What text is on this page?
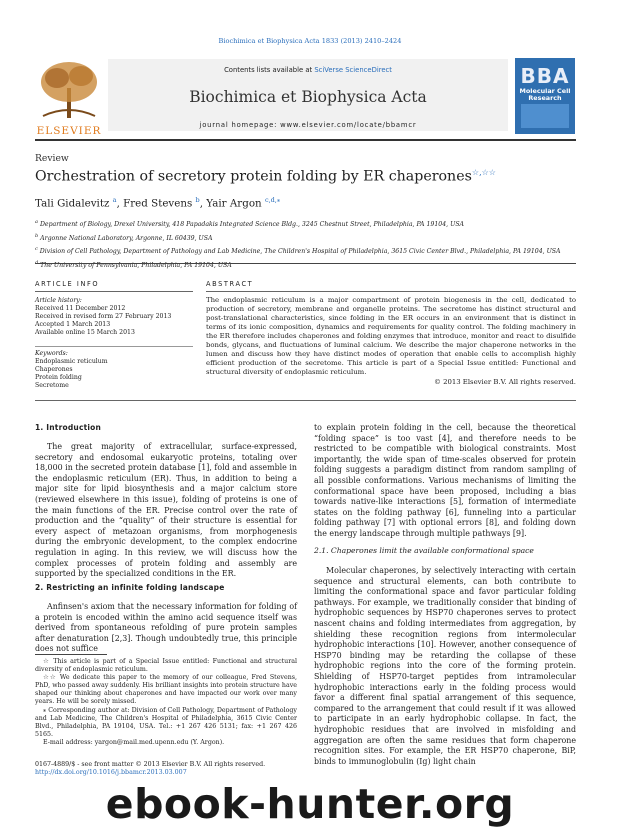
Biochimica et Biophysica Acta 1833 (2013) 2410–2424
ELSEVIER
Contents lists available at SciVerse ScienceDirect
Biochimica et Biophysica Acta
journal homepage: www.elsevier.com/locate/bbamcr
BBA
Molecular Cell Research
Review
Orchestration of secretory protein folding by ER chaperones☆,☆☆
Tali Gidalevitz $^a$, Fred Stevens $^b$, Yair Argon $^{c,d,⁎}$
$^a$ Department of Biology, Drexel University, 418 Papadakis Integrated Science Bldg., 3245 Chestnut Street, Philadelphia, PA 19104, USA
$^b$ Argonne National Laboratory, Argonne, IL 60439, USA
$^c$ Division of Cell Pathology, Department of Pathology and Lab Medicine, The Children's Hospital of Philadelphia, 3615 Civic Center Blvd., Philadelphia, PA 19104, USA
$^d$ The University of Pennsylvania, Philadelphia, PA 19104, USA
ARTICLE INFO
Article history:
Received 11 December 2012
Received in revised form 27 February 2013
Accepted 1 March 2013
Available online 15 March 2013
Keywords:
Endoplasmic reticulum
Chaperones
Protein folding
Secretome
ABSTRACT
The endoplasmic reticulum is a major compartment of protein biogenesis in the cell, dedicated to production of secretory, membrane and organelle proteins. The secretome has distinct structural and post-translational characteristics, since folding in the ER occurs in an environment that is distinct in terms of its ionic composition, dynamics and requirements for quality control. The folding machinery in the ER therefore includes chaperones and folding enzymes that introduce, monitor and react to disulfide bonds, glycans, and fluctuations of luminal calcium. We describe the major chaperone networks in the lumen and discuss how they have distinct modes of operation that enable cells to accomplish highly efficient production of the secretome. This article is part of a Special Issue entitled: Functional and structural diversity of endoplasmic reticulum.
© 2013 Elsevier B.V. All rights reserved.
1. Introduction

The great majority of extracellular, surface-expressed, secretory and endosomal eukaryotic proteins, totaling over 18,000 in the secreted protein database [1], fold and assemble in the endoplasmic reticulum (ER). Thus, in addition to being a major site for lipid biosynthesis and a major calcium store (reviewed elsewhere in this issue), folding of proteins is one of the main functions of the ER. Precise control over the rate of production and the “quality” of their structure is essential for every aspect of metazoan organisms, from morphogenesis during the embryonic development, to the complex endocrine regulation in aging. In this review, we will discuss how the complex processes of protein folding and assembly are supported by the specialized conditions in the ER.

2. Restricting an infinite folding landscape

Anfinsen's axiom that the necessary information for folding of a protein is encoded within the amino acid sequence itself was derived from spontaneous refolding of pure protein samples after denaturation [2,3]. Though undoubtedly true, this principle does not suffice

☆ This article is part of a Special Issue entitled: Functional and structural diversity of endoplasmic reticulum.
☆☆ We dedicate this paper to the memory of our colleague, Fred Stevens, PhD, who passed away suddenly. His brilliant insights into protein structure have shaped our thinking about chaperones and have impacted our work over many years. He will be sorely missed.
⁎ Corresponding author at: Division of Cell Pathology, Department of Pathology and Lab Medicine, The Children's Hospital of Philadelphia, 3615 Civic Center Blvd., Philadelphia, PA 19104, USA. Tel.: +1 267 426 5131; fax: +1 267 426 5165.
E-mail address: yargon@mail.med.upenn.edu (Y. Argon).
0167-4889/$ - see front matter © 2013 Elsevier B.V. All rights reserved.
http://dx.doi.org/10.1016/j.bbamcr.2013.03.007

to explain protein folding in the cell, because the theoretical “folding space” is too vast [4], and therefore needs to be restricted to be compatible with biological constraints. Most importantly, the wide span of time-scales observed for protein folding suggests a paradigm distinct from random sampling of all possible conformations. Various mechanisms of limiting the conformational space have been proposed, including a bias towards native-like interactions [5], formation of intermediate states on the folding pathway [6], funneling into a particular folding pathway [7] with optional errors [8], and folding down the energy landscape through multiple pathways [9].

2.1. Chaperones limit the available conformational space

Molecular chaperones, by selectively interacting with certain sequence and structural elements, can both contribute to limiting the conformational space and favor particular folding pathways. For example, we traditionally consider that binding of hydrophobic sequences by HSP70 chaperones serves to protect nascent chains and folding intermediates from aggregation, by shielding these recognition regions from intermolecular hydrophobic interactions [10]. However, another consequence of HSP70 binding may be retarding the collapse of these hydrophobic regions into the core of the forming protein. Shielding of HSP70-target peptides from intramolecular hydrophobic interactions early in the folding process would favor a different final spatial arrangement of this sequence, compared to the arrangement that could result if it was allowed to participate in an early hydrophobic collapse. In fact, the hydrophobic residues that are involved in misfolding and aggregation are often the same residues that form chaperone recognition sites. For example, the ER HSP70 chaperone, BiP, binds to immunoglobulin (Ig) light chain

ebook-hunter.org
